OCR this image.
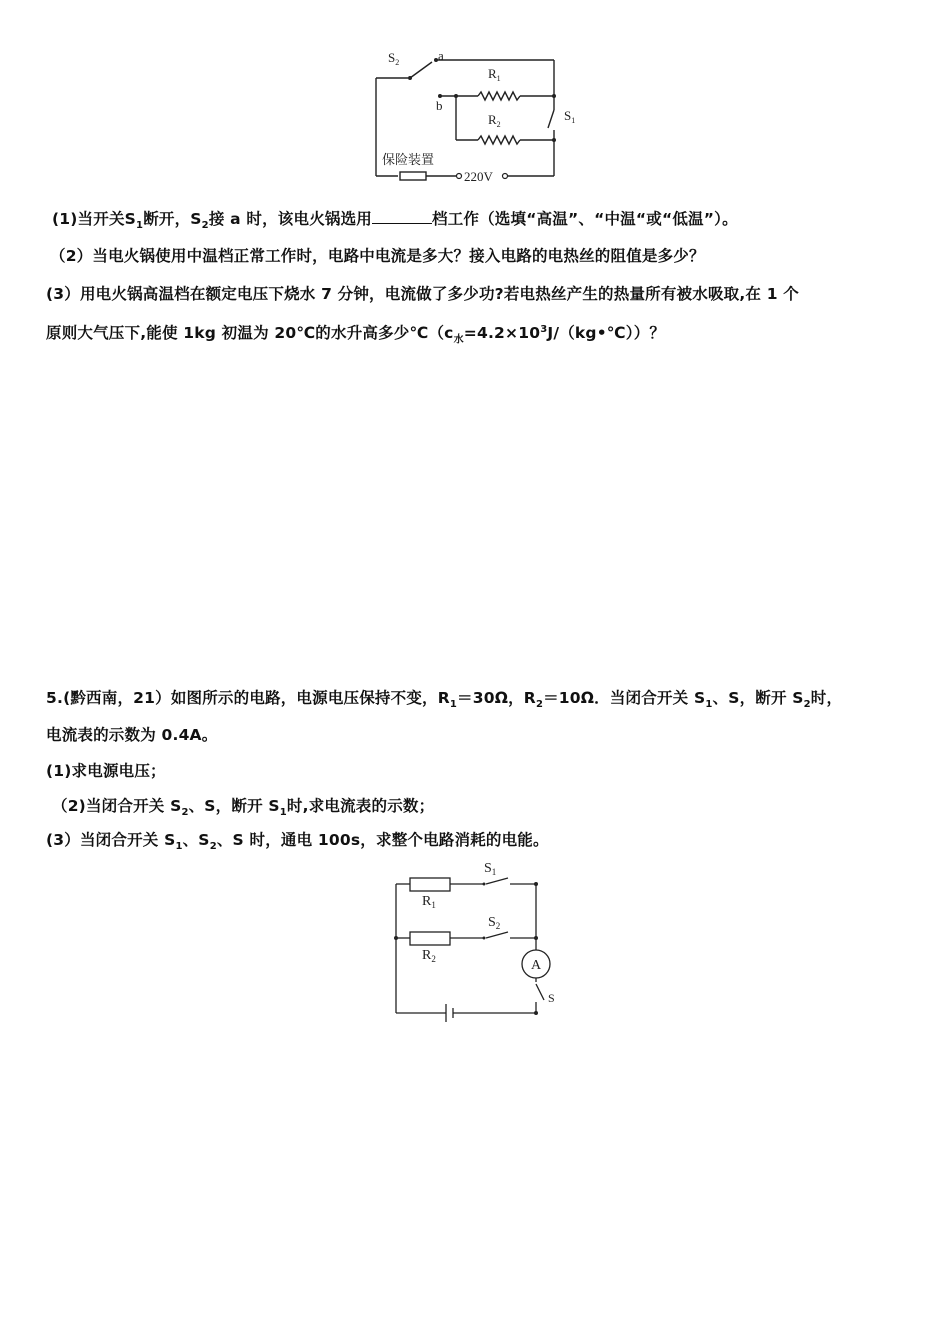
$S_2$	a
b
$R_1$
$R_2$
$S_1$
保险装置
220V
(1)当开关$S_1$断开，$S_2$接 a 时，该电火锅选用	档工作（选填“高温”、“中温“或“低温”）。
（2）当电火锅使用中温档正常工作时，电路中电流是多大？接入电路的电热丝的阻值是多少？
(3）用电火锅高温档在额定电压下烧水 7 分钟，电流做了多少功?若电热丝产生的热量所有被水吸取,在 1 个
原则大气压下,能使 1kg 初温为 20℃的水升高多少$℃(c_水=4.2\times 10^3J/(kg•℃))$？
5.(黔西南，21）如图所示的电路，电源电压保持不变，$R_1=30\Omega$，$R_2=10\Omega$．当闭合开关 $S_1$、S，断开 $S_2$时，
电流表的示数为 0.4A。
(1)求电源电压；
（2)当闭合开关 $S_2$、S，断开 $S_1$时,求电流表的示数；
(3）当闭合开关 $S_1$、$S_2$、S 时，通电 100s，求整个电路消耗的电能。
$R_1$
$R_2$
$S_1$
$S_2$
A
S
